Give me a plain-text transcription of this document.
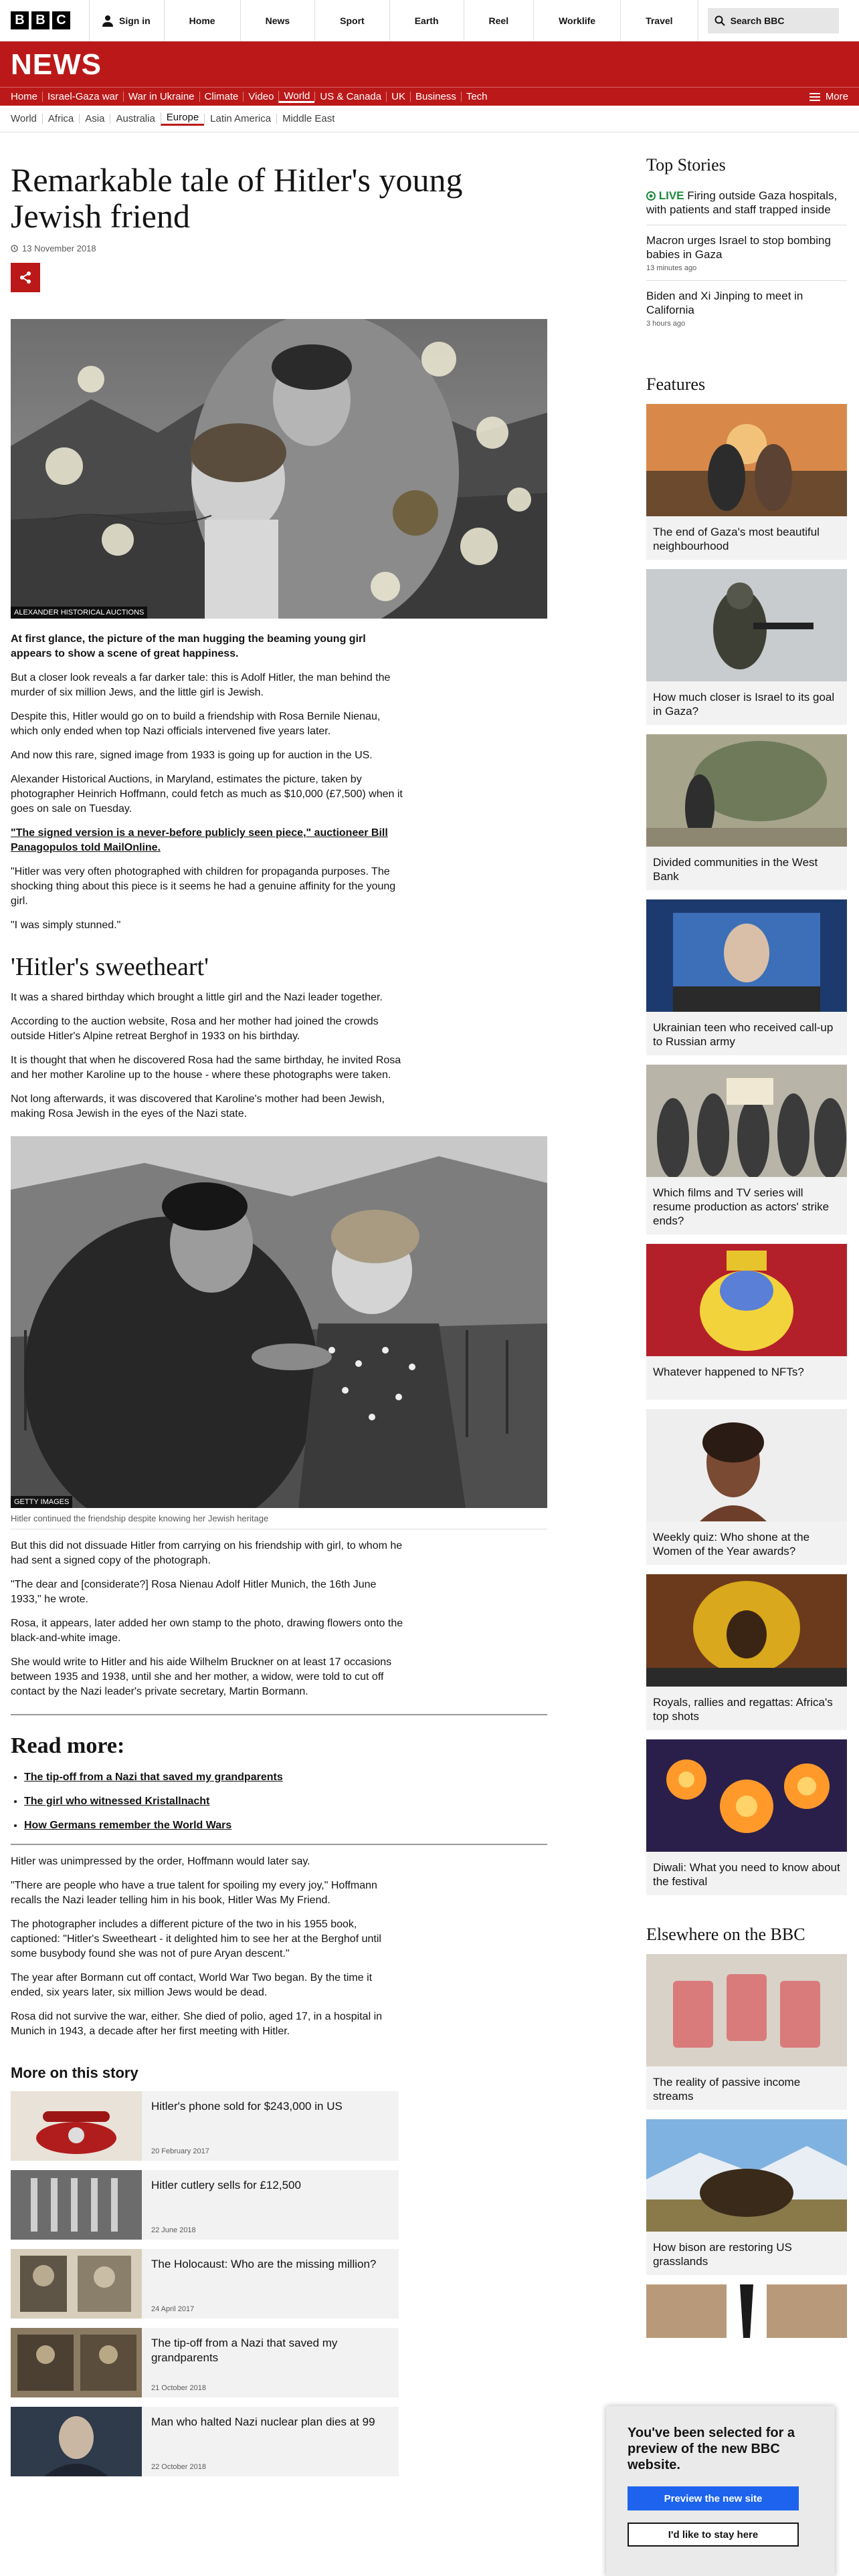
B B C	Sign in	Home	News	Sport	Earth	Reel	Worklife	Travel	Search BBC
NEWS
Home	Israel-Gaza war	War in Ukraine	Climate	Video	World	US & Canada	UK	Business	Tech	More
World	Africa	Asia	Australia	Europe	Latin America	Middle East
Remarkable tale of Hitler's young Jewish friend
13 November 2018
ALEXANDER HISTORICAL AUCTIONS

At first glance, the picture of the man hugging the beaming young girl appears to show a scene of great happiness.

But a closer look reveals a far darker tale: this is Adolf Hitler, the man behind the murder of six million Jews, and the little girl is Jewish.

Despite this, Hitler would go on to build a friendship with Rosa Bernile Nienau, which only ended when top Nazi officials intervened five years later.

And now this rare, signed image from 1933 is going up for auction in the US.

Alexander Historical Auctions, in Maryland, estimates the picture, taken by photographer Heinrich Hoffmann, could fetch as much as $10,000 (£7,500) when it goes on sale on Tuesday.

"The signed version is a never-before publicly seen piece," auctioneer Bill Panagopulos told MailOnline.

"Hitler was very often photographed with children for propaganda purposes. The shocking thing about this piece is it seems he had a genuine affinity for the young girl.

"I was simply stunned."

'Hitler's sweetheart'

It was a shared birthday which brought a little girl and the Nazi leader together.

According to the auction website, Rosa and her mother had joined the crowds outside Hitler's Alpine retreat Berghof in 1933 on his birthday.

It is thought that when he discovered Rosa had the same birthday, he invited Rosa and her mother Karoline up to the house - where these photographs were taken.

Not long afterwards, it was discovered that Karoline's mother had been Jewish, making Rosa Jewish in the eyes of the Nazi state.

GETTY IMAGES
Hitler continued the friendship despite knowing her Jewish heritage

But this did not dissuade Hitler from carrying on his friendship with girl, to whom he had sent a signed copy of the photograph.

"The dear and [considerate?] Rosa Nienau Adolf Hitler Munich, the 16th June 1933," he wrote.

Rosa, it appears, later added her own stamp to the photo, drawing flowers onto the black-and-white image.

She would write to Hitler and his aide Wilhelm Bruckner on at least 17 occasions between 1935 and 1938, until she and her mother, a widow, were told to cut off contact by the Nazi leader's private secretary, Martin Bormann.

Read more:
• The tip-off from a Nazi that saved my grandparents
• The girl who witnessed Kristallnacht
• How Germans remember the World Wars

Hitler was unimpressed by the order, Hoffmann would later say.

"There are people who have a true talent for spoiling my every joy," Hoffmann recalls the Nazi leader telling him in his book, Hitler Was My Friend.

The photographer includes a different picture of the two in his 1955 book, captioned: "Hitler's Sweetheart - it delighted him to see her at the Berghof until some busybody found she was not of pure Aryan descent."

The year after Bormann cut off contact, World War Two began. By the time it ended, six years later, six million Jews would be dead.

Rosa did not survive the war, either. She died of polio, aged 17, in a hospital in Munich in 1943, a decade after her first meeting with Hitler.

More on this story
Hitler's phone sold for $243,000 in US
20 February 2017
Hitler cutlery sells for £12,500
22 June 2018
The Holocaust: Who are the missing million?
24 April 2017
The tip-off from a Nazi that saved my grandparents
21 October 2018
Man who halted Nazi nuclear plan dies at 99
22 October 2018
Top Stories
LIVE Firing outside Gaza hospitals, with patients and staff trapped inside
Macron urges Israel to stop bombing babies in Gaza
13 minutes ago
Biden and Xi Jinping to meet in California
3 hours ago
Features
The end of Gaza's most beautiful neighbourhood
How much closer is Israel to its goal in Gaza?
Divided communities in the West Bank
Ukrainian teen who received call-up to Russian army
Which films and TV series will resume production as actors' strike ends?
Whatever happened to NFTs?
Weekly quiz: Who shone at the Women of the Year awards?
Royals, rallies and regattas: Africa's top shots
Diwali: What you need to know about the festival
Elsewhere on the BBC
The reality of passive income streams
How bison are restoring US grasslands
You've been selected for a preview of the new BBC website.
Preview the new site
I'd like to stay here
